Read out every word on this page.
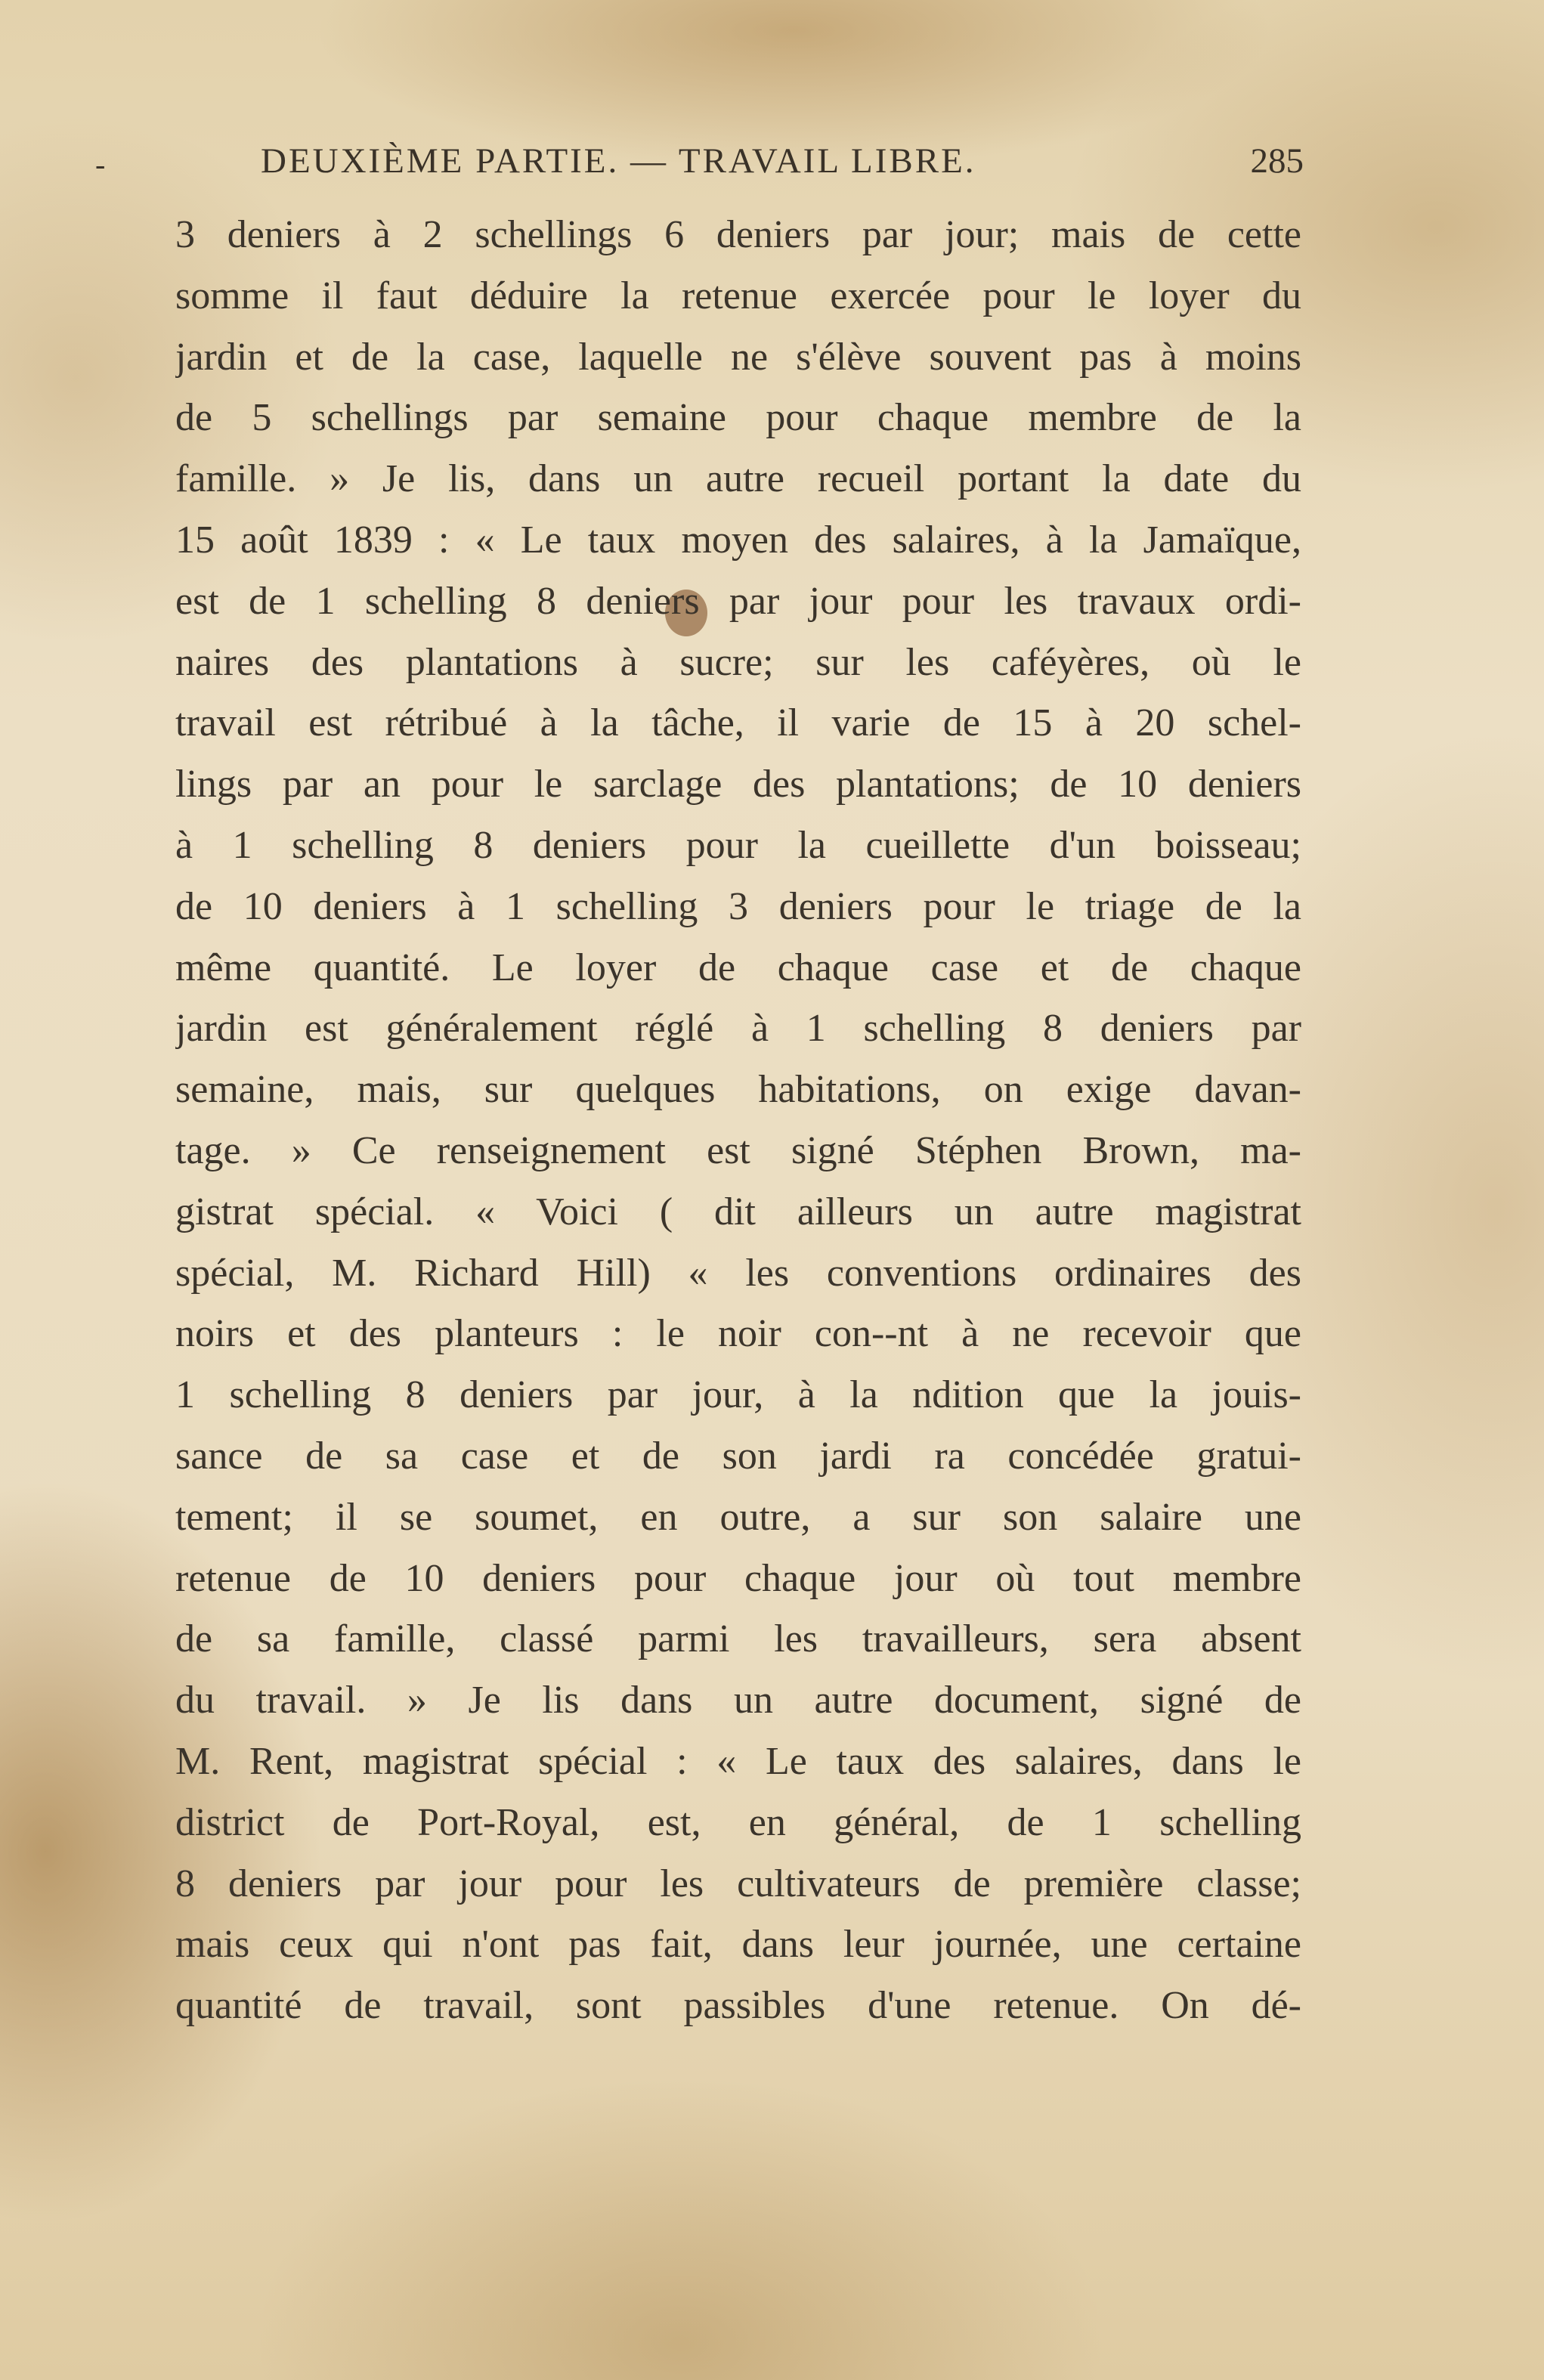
-	DEUXIÈME PARTIE. — TRAVAIL LIBRE.	285
3 deniers à 2 schellings 6 deniers par jour; mais de cette
somme il faut déduire la retenue exercée pour le loyer du
jardin et de la case, laquelle ne s'élève souvent pas à moins
de 5 schellings par semaine pour chaque membre de la
famille. » Je lis, dans un autre recueil portant la date du
15 août 1839 : « Le taux moyen des salaires, à la Jamaïque,
est de 1 schelling 8 deniers par jour pour les travaux ordi-
naires des plantations à sucre; sur les caféyères, où le
travail est rétribué à la tâche, il varie de 15 à 20 schel-
lings par an pour le sarclage des plantations; de 10 deniers
à 1 schelling 8 deniers pour la cueillette d'un boisseau;
de 10 deniers à 1 schelling 3 deniers pour le triage de la
même quantité. Le loyer de chaque case et de chaque
jardin est généralement réglé à 1 schelling 8 deniers par
semaine, mais, sur quelques habitations, on exige davan-
tage. » Ce renseignement est signé Stéphen Brown, ma-
gistrat spécial. « Voici ( dit ailleurs un autre magistrat
spécial, M. Richard Hill) « les conventions ordinaires des
noirs et des planteurs : le noir con‑‑nt à ne recevoir que
1 schelling 8 deniers par jour, à la ndition que la jouis-
sance de sa case et de son jardi ra concédée gratui-
tement; il se soumet, en outre, a sur son salaire une
retenue de 10 deniers pour chaque jour où tout membre
de sa famille, classé parmi les travailleurs, sera absent
du travail. » Je lis dans un autre document, signé de
M. Rent, magistrat spécial : « Le taux des salaires, dans le
district de Port-Royal, est, en général, de 1 schelling
8 deniers par jour pour les cultivateurs de première classe;
mais ceux qui n'ont pas fait, dans leur journée, une certaine
quantité de travail, sont passibles d'une retenue. On dé-
